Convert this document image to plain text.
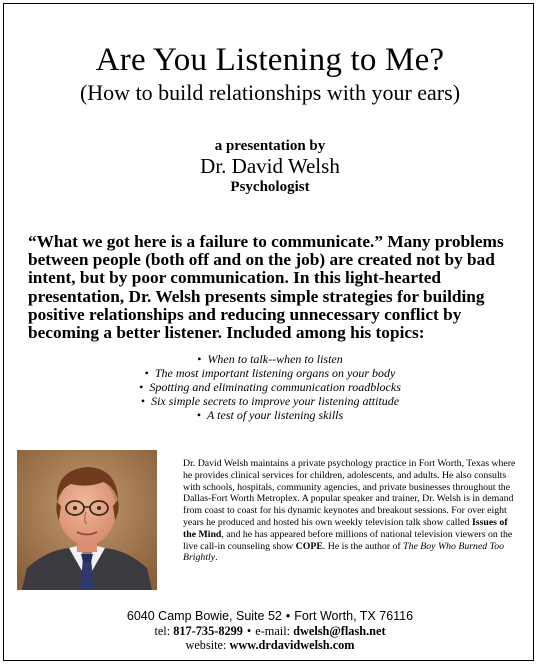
Are You Listening to Me?
(How to build relationships with your ears)
a presentation by
Dr. David Welsh
Psychologist

“What we got here is a failure to communicate.” Many problems between people (both off and on the job) are created not by bad intent, but by poor communication. In this light-hearted presentation, Dr. Welsh presents simple strategies for building positive relationships and reducing unnecessary conflict by becoming a better listener. Included among his topics:

•  When to talk--when to listen
•  The most important listening organs on your body
•  Spotting and eliminating communication roadblocks
•  Six simple secrets to improve your listening attitude
•  A test of your listening skills

Dr. David Welsh maintains a private psychology practice in Fort Worth, Texas where he provides clinical services for children, adolescents, and adults. He also consults with schools, hospitals, community agencies, and private businesses throughout the Dallas-Fort Worth Metroplex. A popular speaker and trainer, Dr. Welsh is in demand from coast to coast for his dynamic keynotes and breakout sessions. For over eight years he produced and hosted his own weekly television talk show called Issues of the Mind, and he has appeared before millions of national television viewers on the live call-in counseling show COPE. He is the author of The Boy Who Burned Too Brightly.

6040 Camp Bowie, Suite 52 • Fort Worth, TX 76116
tel: 817-735-8299 • e-mail: dwelsh@flash.net
website: www.drdavidwelsh.com
